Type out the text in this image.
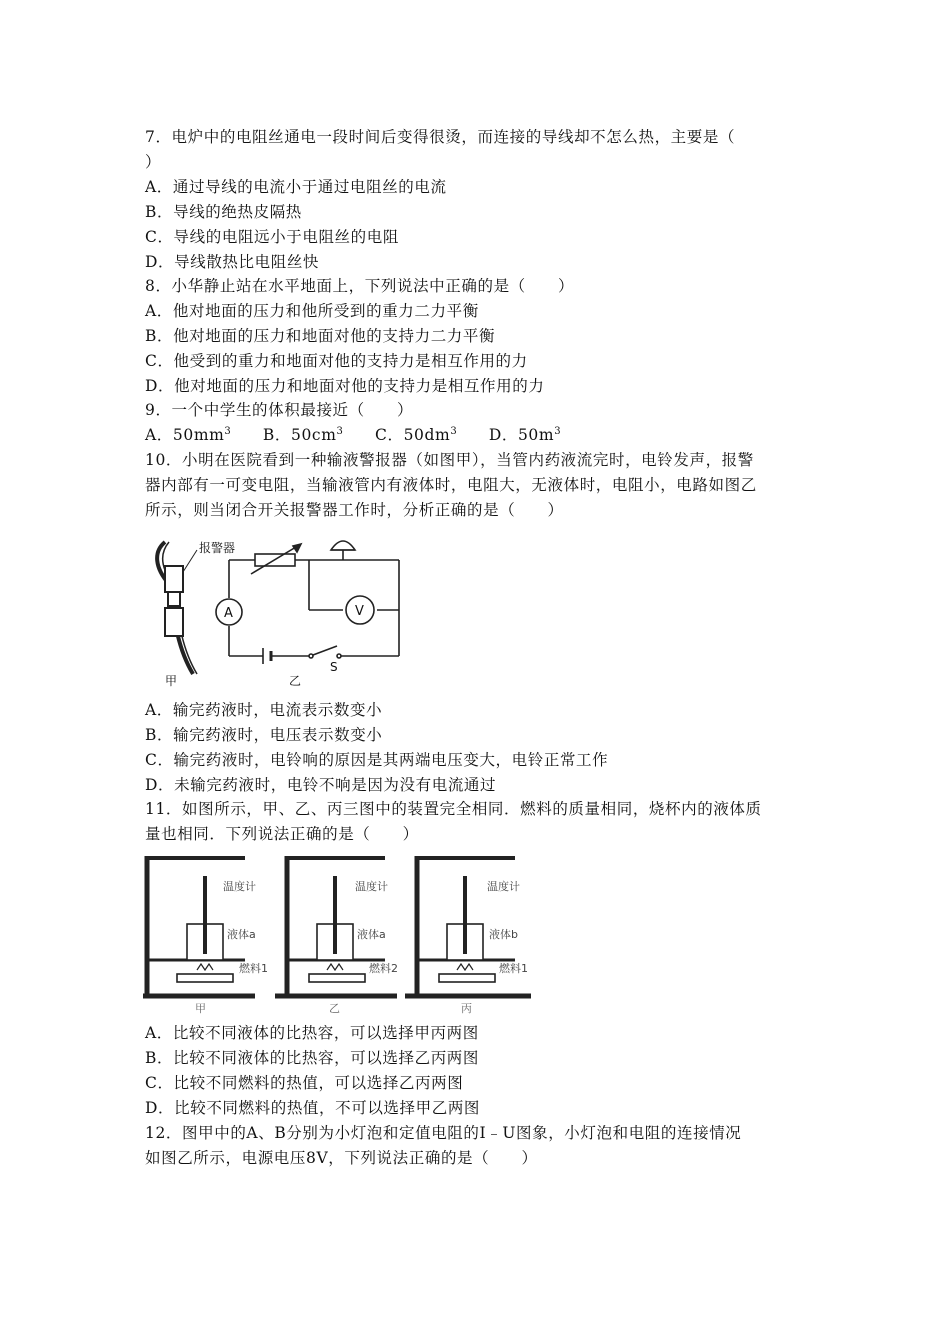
7．电炉中的电阻丝通电一段时间后变得很烫，而连接的导线却不怎么热，主要是（
）
A．通过导线的电流小于通过电阻丝的电流
B．导线的绝热皮隔热
C．导线的电阻远小于电阻丝的电阻
D．导线散热比电阻丝快
8．小华静止站在水平地面上，下列说法中正确的是（　　）
A．他对地面的压力和他所受到的重力二力平衡
B．他对地面的压力和地面对他的支持力二力平衡
C．他受到的重力和地面对他的支持力是相互作用的力
D．他对地面的压力和地面对他的支持力是相互作用的力
9．一个中学生的体积最接近（　　）
A．$50mm^3$ B．$50cm^3$ C．$50dm^3$ D．$50m^3$
10．小明在医院看到一种输液警报器（如图甲），当管内药液流完时，电铃发声，报警
器内部有一可变电阻，当输液管内有液体时，电阻大，无液体时，电阻小，电路如图乙
所示，则当闭合开关报警器工作时，分析正确的是（　　）
报警器
甲
A	V
S
乙
A．输完药液时，电流表示数变小
B．输完药液时，电压表示数变小
C．输完药液时，电铃响的原因是其两端电压变大，电铃正常工作
D．未输完药液时，电铃不响是因为没有电流通过
11．如图所示，甲、乙、丙三图中的装置完全相同．燃料的质量相同，烧杯内的液体质
量也相同．下列说法正确的是（　　）
温度计
液体a
燃料1
甲
温度计
液体a
燃料2
乙
温度计
液体b
燃料1
丙
A．比较不同液体的比热容，可以选择甲丙两图
B．比较不同液体的比热容，可以选择乙丙两图
C．比较不同燃料的热值，可以选择乙丙两图
D．比较不同燃料的热值，不可以选择甲乙两图
12．图甲中的A、B分别为小灯泡和定值电阻的I﹣U图象，小灯泡和电阻的连接情况
如图乙所示，电源电压8V，下列说法正确的是（　　）
